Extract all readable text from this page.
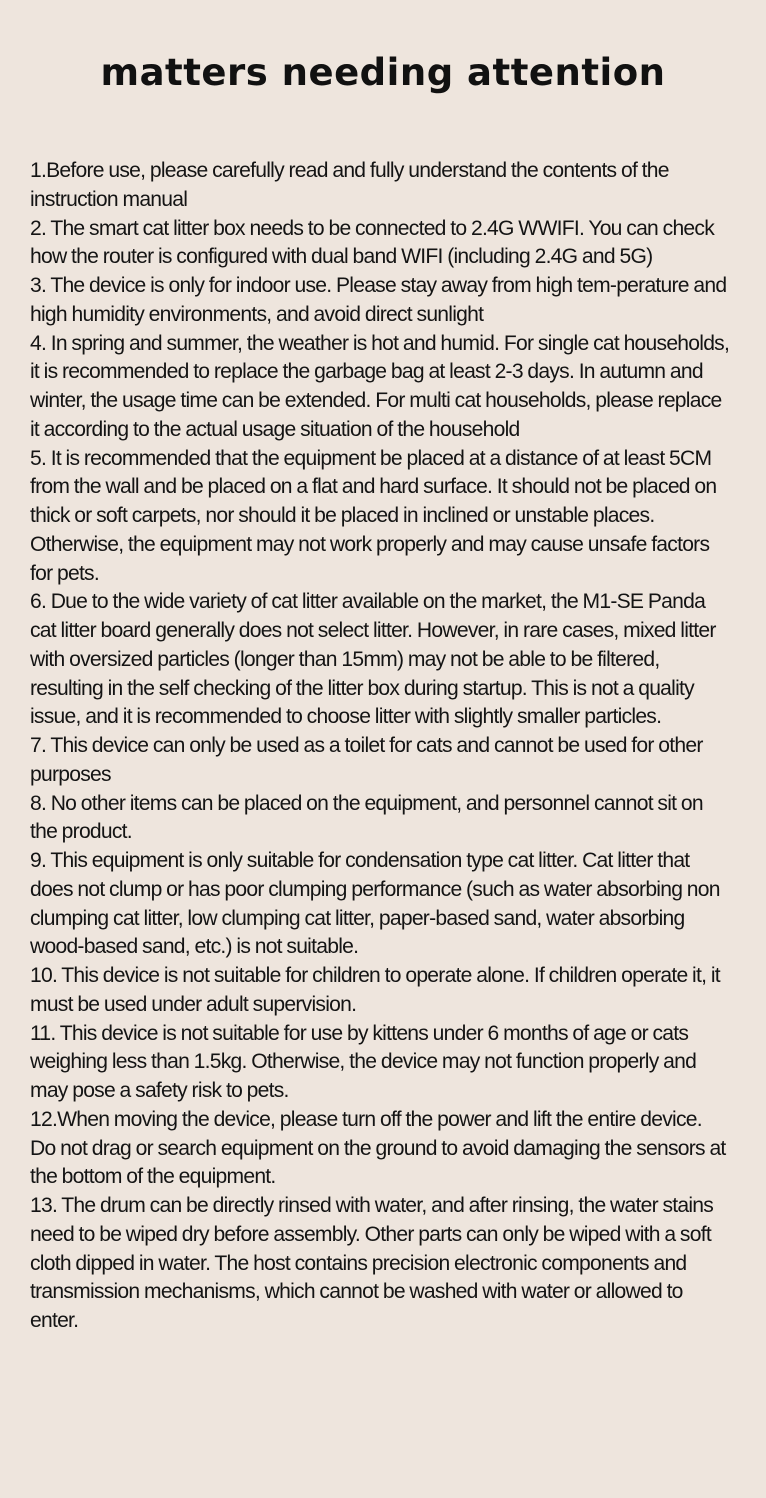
matters needing attention

1.Before use, please carefully read and fully understand the contents of the instruction manual

2. The smart cat litter box needs to be connected to 2.4G WWIFI. You can check how the router is configured with dual band WIFI (including 2.4G and 5G)

3. The device is only for indoor use. Please stay away from high tem-perature and high humidity environments, and avoid direct sunlight

4. In spring and summer, the weather is hot and humid. For single cat households, it is recommended to replace the garbage bag at least 2-3 days. In autumn and winter, the usage time can be extended. For multi cat households, please replace it according to the actual usage situation of the household

5. It is recommended that the equipment be placed at a distance of at least 5CM from the wall and be placed on a flat and hard surface. It should not be placed on thick or soft carpets, nor should it be placed in inclined or unstable places. Otherwise, the equipment may not work properly and may cause unsafe factors for pets.

6. Due to the wide variety of cat litter available on the market, the M1-SE Panda cat litter board generally does not select litter. However, in rare cases, mixed litter with oversized particles (longer than 15mm) may not be able to be filtered, resulting in the self checking of the litter box during startup. This is not a quality issue, and it is recommended to choose litter with slightly smaller particles.

7. This device can only be used as a toilet for cats and cannot be used for other purposes

8. No other items can be placed on the equipment, and personnel cannot sit on the product.

9. This equipment is only suitable for condensation type cat litter. Cat litter that does not clump or has poor clumping performance (such as water absorbing non clumping cat litter, low clumping cat litter, paper-based sand, water absorbing wood-based sand, etc.) is not suitable.

10. This device is not suitable for children to operate alone. If children operate it, it must be used under adult supervision.

11. This device is not suitable for use by kittens under 6 months of age or cats weighing less than 1.5kg. Otherwise, the device may not function properly and may pose a safety risk to pets.

12.When moving the device, please turn off the power and lift the entire device. Do not drag or search equipment on the ground to avoid damaging the sensors at the bottom of the equipment.

13. The drum can be directly rinsed with water, and after rinsing, the water stains need to be wiped dry before assembly. Other parts can only be wiped with a soft cloth dipped in water. The host contains precision electronic components and transmission mechanisms, which cannot be washed with water or allowed to enter.
